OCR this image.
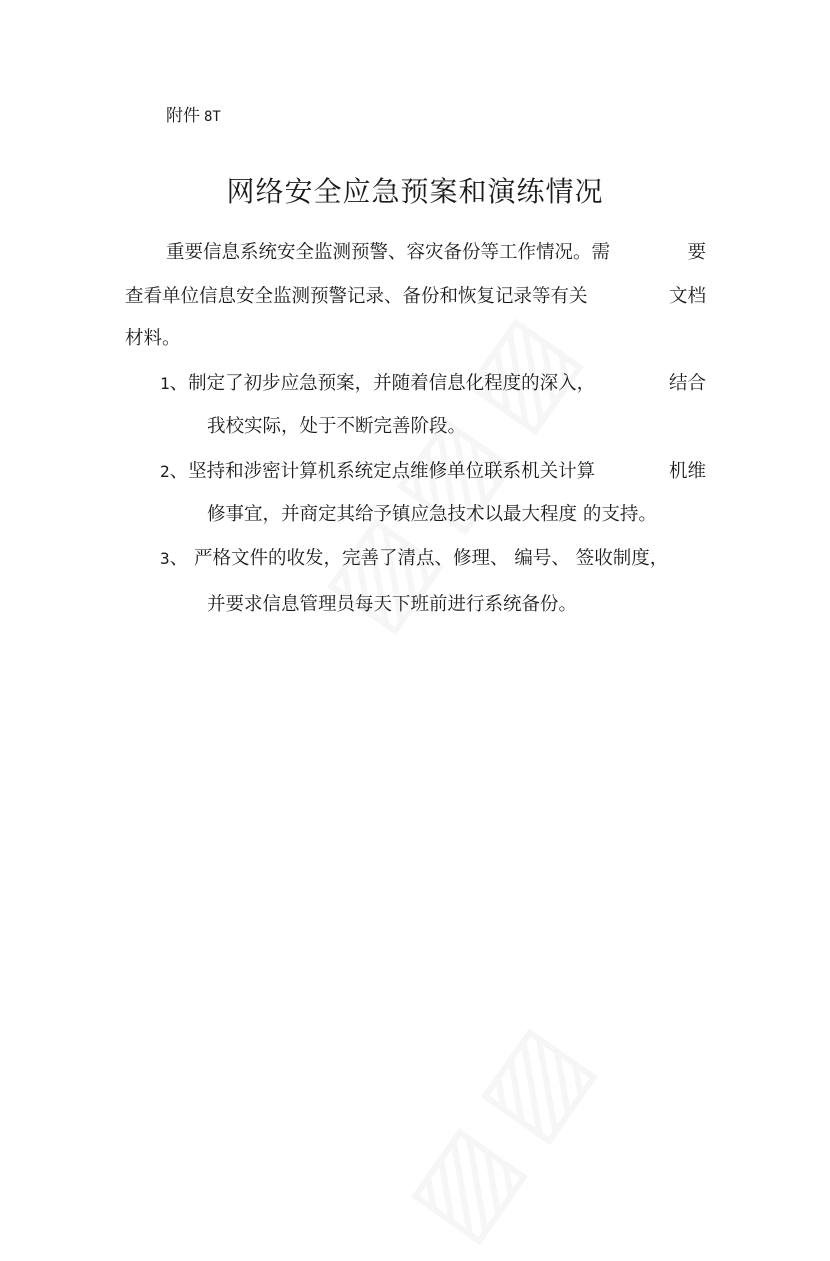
附件 8T
网络安全应急预案和演练情况
重要信息系统安全监测预警、容灾备份等工作情况。需	要
查看单位信息安全监测预警记录、备份和恢复记录等有关	文档
材料。
1、制定了初步应急预案，并随着信息化程度的深入，	结合
我校实际，处于不断完善阶段。
2、坚持和涉密计算机系统定点维修单位联系机关计算	机维
修事宜，并商定其给予镇应急技术以最大程度 的支持。
3、 严格文件的收发，完善了清点、修理、 编号、 签收制度，
并要求信息管理员每天下班前进行系统备份。
